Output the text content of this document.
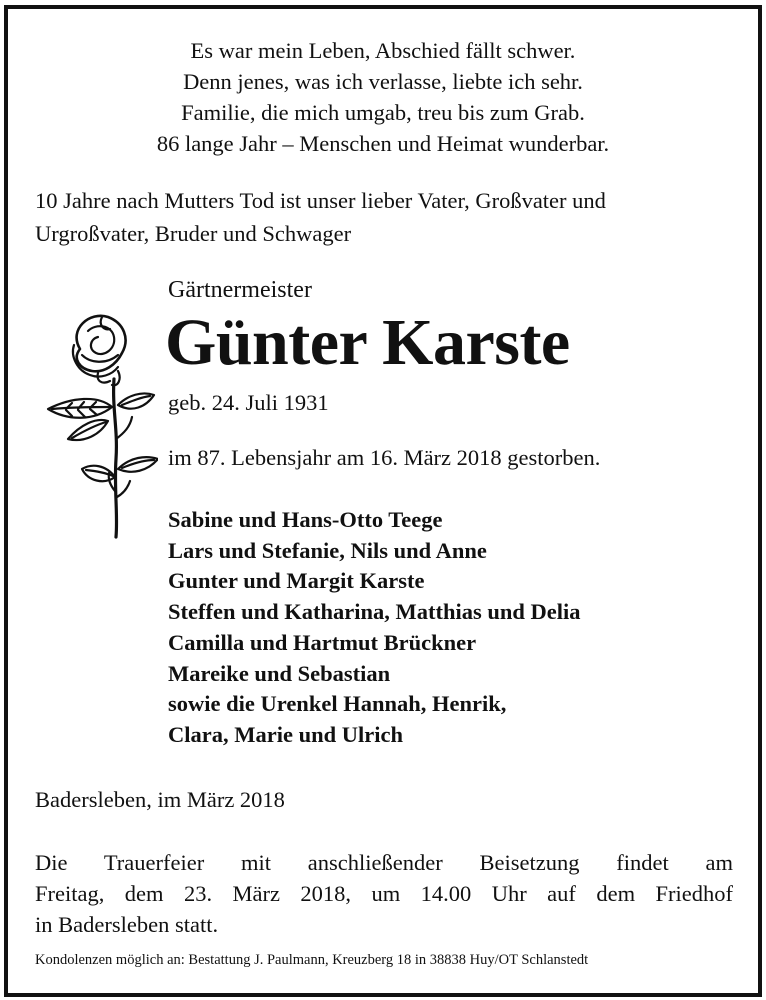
Es war mein Leben, Abschied fällt schwer.
Denn jenes, was ich verlasse, liebte ich sehr.
Familie, die mich umgab, treu bis zum Grab.
86 lange Jahr – Menschen und Heimat wunderbar.
10 Jahre nach Mutters Tod ist unser lieber Vater, Großvater und
Urgroßvater, Bruder und Schwager
Gärtnermeister
Günter Karste
geb. 24. Juli 1931
im 87. Lebensjahr am 16. März 2018 gestorben.
Sabine und Hans-Otto Teege
Lars und Stefanie, Nils und Anne
Gunter und Margit Karste
Steffen und Katharina, Matthias und Delia
Camilla und Hartmut Brückner
Mareike und Sebastian
sowie die Urenkel Hannah, Henrik,
Clara, Marie und Ulrich
Badersleben, im März 2018
Die Trauerfeier mit anschließender Beisetzung findet am
Freitag, dem 23. März 2018, um 14.00 Uhr auf dem Friedhof
in Badersleben statt.
Kondolenzen möglich an: Bestattung J. Paulmann, Kreuzberg 18 in 38838 Huy/OT Schlanstedt
